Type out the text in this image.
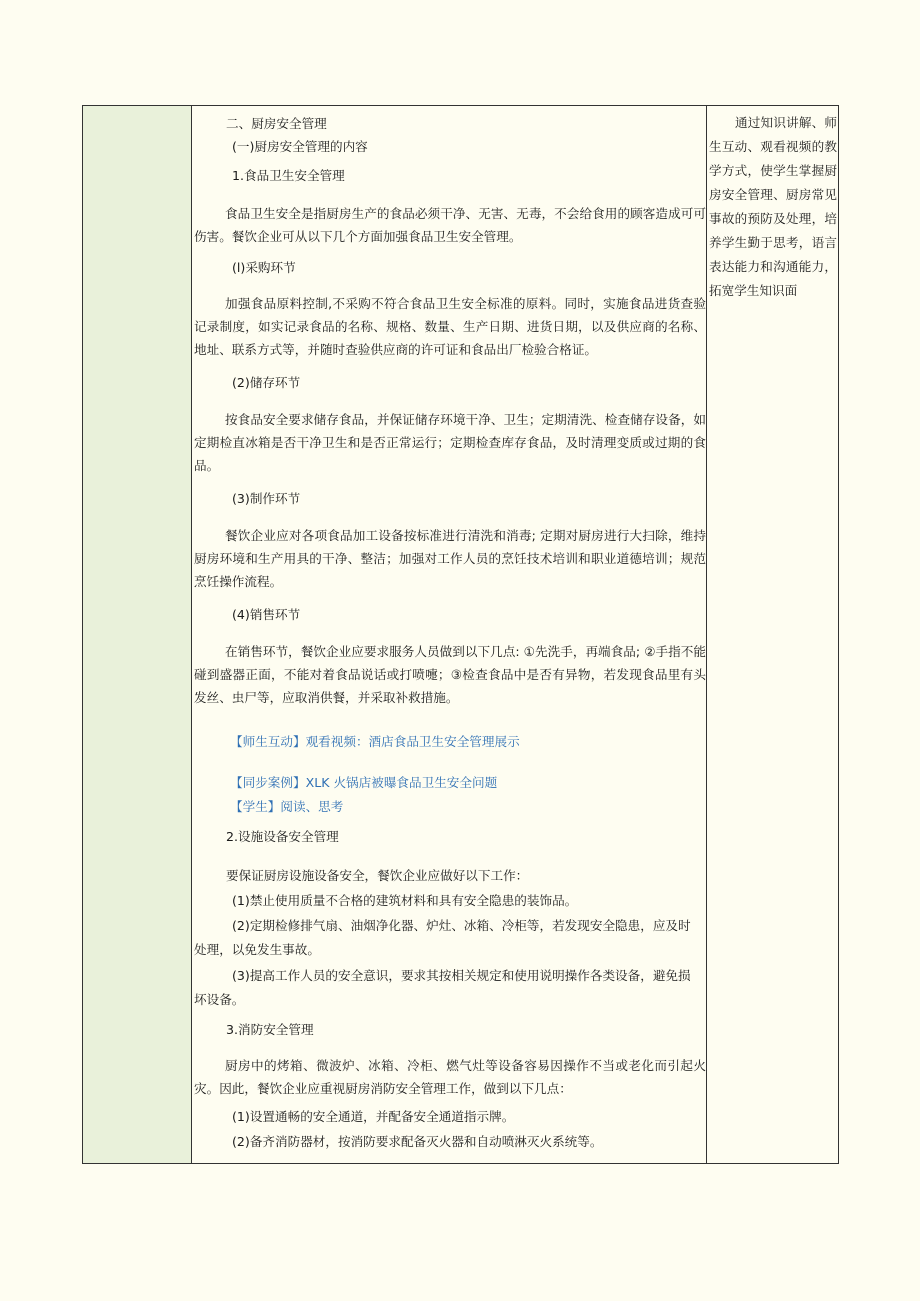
二、厨房安全管理
(一)厨房安全管理的内容
1.食品卫生安全管理
食品卫生安全是指厨房生产的食品必须干净、无害、无毒，不会给食用的顾客造成可可伤害。餐饮企业可从以下几个方面加强食品卫生安全管理。
(l)采购环节
加强食品原料控制,不采购不符合食品卫生安全标准的原料。同时，实施食品进货查验记录制度，如实记录食品的名称、规格、数量、生产日期、进货日期，以及供应商的名称、地址、联系方式等，并随时查验供应商的许可证和食品出厂检验合格证。
(2)储存环节
按食品安全要求储存食品，并保证储存环境干净、卫生；定期清洗、检查储存设备，如定期检直冰箱是否干净卫生和是否正常运行；定期检查库存食品，及时清理变质或过期的食品。
(3)制作环节
餐饮企业应对各项食品加工设备按标准进行清洗和消毒; 定期对厨房进行大扫除，维持厨房环境和生产用具的干净、整洁；加强对工作人员的烹饪技术培训和职业道德培训；规范烹饪操作流程。
(4)销售环节
在销售环节，餐饮企业应要求服务人员做到以下几点: ①先洗手，再端食品; ②手指不能碰到盛器正面，不能对着食品说话或打喷嚏；③检查食品中是否有异物，若发现食品里有头发丝、虫尸等，应取消供餐，并采取补救措施。
【师生互动】观看视频：酒店食品卫生安全管理展示
【同步案例】XLK 火锅店被曝食品卫生安全问题
【学生】阅读、思考
2.设施设备安全管理
要保证厨房设施设备安全，餐饮企业应做好以下工作：
(1)禁止使用质量不合格的建筑材料和具有安全隐患的装饰品。
(2)定期检修排气扇、油烟净化器、炉灶、冰箱、冷柜等，若发现安全隐患，应及时
处理，以免发生事故。
(3)提高工作人员的安全意识，要求其按相关规定和使用说明操作各类设备，避免损
坏设备。
3.消防安全管理
厨房中的烤箱、微波炉、冰箱、冷柜、燃气灶等设备容易因操作不当或老化而引起火灾。因此，餐饮企业应重视厨房消防安全管理工作，做到以下几点：
(1)设置通畅的安全通道，并配备安全通道指示牌。
(2)备齐消防器材，按消防要求配备灭火器和自动喷淋灭火系统等。
通过知识讲解、师生互动、观看视频的教学方式，使学生掌握厨房安全管理、厨房常见事故的预防及处理，培养学生勤于思考，语言表达能力和沟通能力，拓宽学生知识面
